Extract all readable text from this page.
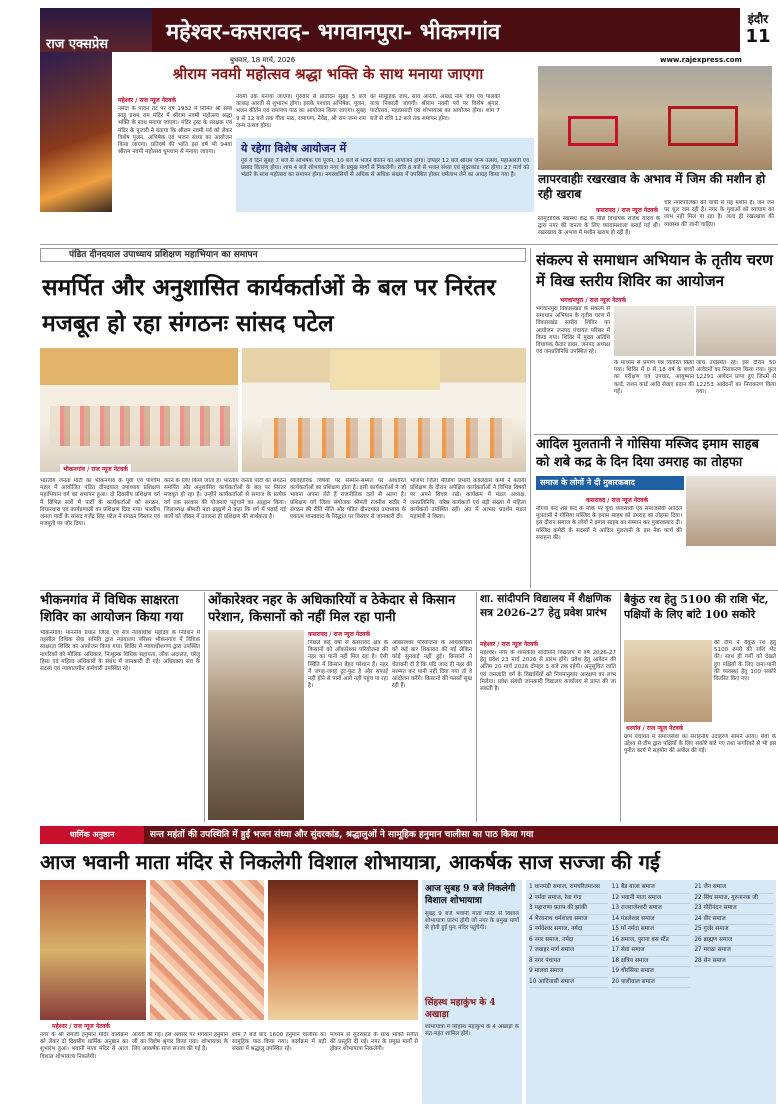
राज एक्सप्रेस	महेश्वर-कसरावद- भगवानपुरा- भीकनगांव	इंदौर
11
बुधवार, 18 मार्च, 2026	www.rajexpress.com
श्रीराम नवमी महोत्सव श्रद्धा भक्ति के साथ मनाया जाएगा
महेश्वर / राज न्यूज नेटवर्क
नर्मदा के पावन तट पर वर्ष 1932 में निर्मित श्री सम्बं साहू प्रथम राम मंदिर में श्रीराम नवमी महोत्सव श्रद्धा भक्ति के साथ मनाया जाएगा। मंदिर ट्रस्ट के संरक्षक एवं मंदिर के पुजारी ने बताया कि श्रीराम नवमी पर्व को लेकर विशेष पूजन, अभिषेक एवं भजन संध्या का आयोजन किया जाएगा। प्रतिवर्ष की भांति इस वर्ष भी 94वां श्रीराम नवमी महोत्सव धूमधाम से मनाया जाएगा।
नवमी तक मनाया जाएगा। गुरुवार से प्रतिदिन सुबह 5 बजे काकड़ आरती से शुभारंभ होगा। इसके पश्चात अभिषेक, पूजन, भजन कीर्तन एवं रामायण पाठ का आयोजन किया जाएगा। सुबह 9 से 12 बजे तक गीता पाठ, रामायण, नैवेद्य, श्री राम जन्म राम जन्म उत्सव होगा।
का सामूहिक जाप, सायं आरती, अखंड नाम जाप एवं पालकी यात्रा निकाली जाएगी। श्रीराम नवमी पर्व पर विशेष श्रृंगार, पाटोत्सव, महाप्रसादी एवं शोभायात्रा का आयोजन होगा। शाम 7 बजे से रात्रि 12 बजे तक समापन होगा।
ये रहेगा विशेष आयोजन में
गुरु ये दिन सुबह 7 बजे से अभिषेक एवं पूजन, 10 बजे से भजन कीर्तन का आयोजन होगा। दोपहर 12 बजे श्रीराम जन्म उत्सव, महाआरती एवं प्रसाद वितरण होगा। शाम 4 बजे शोभायात्रा नगर के प्रमुख मार्गों से निकलेगी। रात्रि 8 बजे से भजन संध्या एवं सुंदरकांड पाठ होगा। 27 मार्च को भंडारे के साथ महोत्सव का समापन होगा। नगरवासियों से अधिक से अधिक संख्या में उपस्थित होकर धर्मलाभ लेने का आग्रह किया गया है।	लापरवाहीः रखरखाव के अभाव में जिम की मशीन हो रही खराब
कसरावद / राज न्यूज नेटवर्क
सामुदायिक स्वास्थ्य केंद्र के पीछे विधायक राजेश यादव के द्वारा नगर की जनता के लिए व्यायामशाला बनाई गई थी। रखरखाव के अभाव में मशीन खराब हो रही हैं।
चोर नगरपालिका की चाबी से यह मशीन है। जन जन पर धूल जम रही है। नगर के युवाओं को व्यायाम का लाभ नहीं मिल पा रहा है। जल्द ही रखरखाव की व्यवस्था की जानी चाहिए।
पंडित दीनदयाल उपाध्याय प्रशिक्षण महाभियान का समापन
समर्पित और अनुशासित कार्यकर्ताओं के बल पर निरंतर मजबूत हो रहा संगठनः सांसद पटेल
भीकनगांव / राज न्यूज नेटवर्क
भारतीय जनता पार्टी का भीकनगांव के पूर्वी एवं पश्चिम मंडल में आयोजित पंडित दीनदयाल उपाध्याय प्रशिक्षण महाभियान वर्ग का समापन हुआ। दो दिवसीय प्रशिक्षण वर्ग में विभिन्न सत्रों में पार्टी के कार्यकर्ताओं को संगठन, विचारधारा एवं कार्यप्रणाली का प्रशिक्षण दिया गया। भारतीय जनता पार्टी के सांसद गजेंद्र सिंह पटेल ने संगठन विस्तार एवं मजबूती पर जोर दिया।
करने के लिए किया जाता है। भारतीय जनता पार्टी का संगठन समर्पित और अनुशासित कार्यकर्ताओं के बल पर निरंतर मजबूत हो रहा है। उन्होंने कार्यकर्ताओं से समाज के प्रत्येक वर्ग तक सरकार की योजनाएं पहुंचाने का आह्वान किया। जिलाध्यक्ष श्रीमती नंदा ब्राह्मणे ने कहा कि वर्ग में पढ़ाई गई बातों को जीवन में उतारना ही प्रशिक्षण की सार्थकता है।
व्यावहारिक विषयों पर सम्मान-सम्मत पर आधारित कार्यकर्ताओं का प्रशिक्षण होता है। इसी कार्यकर्ताओं ने जो भावना अपना लेते हैं राजनीतिक दलों से अलग है। प्रशिक्षण वर्ग जिला संयोजक श्रीमती रजनीश राठौर ने संगठन की रीति नीति और पंडित दीनदयाल उपाध्याय के एकात्म मानववाद के सिद्धांत पर विस्तार से जानकारी दी।
भाजपा जिला मीडिया प्रभारी कालिदास कर्मा ने बताया प्रशिक्षण के दौरान अपेक्षित कार्यकर्ताओं ने विभिन्न विषयों पर अपने विचार रखे। कार्यक्रम में मंडल अध्यक्ष, जनप्रतिनिधि, वरिष्ठ कार्यकर्ता एवं बड़ी संख्या में महिला कार्यकर्ता उपस्थित रहीं। अंत में आभार प्रदर्शन मंडल महामंत्री ने किया।
संकल्प से समाधान अभियान के तृतीय चरण में विख स्तरीय शिविर का आयोजन
भगवानपुरा / राज न्यूज नेटवर्क
भगवानपुरा विकासखंड के संकल्प से समाधान अभियान के तृतीय चरण में विकासखंड स्तरीय शिविर का आयोजन जनपद पंचायत परिसर में किया गया। शिविर में मुख्य अतिथि विधायक केदार डावर, जनपद अध्यक्ष एवं जनप्रतिनिधि उपस्थित रहे।
के माध्यम से प्रमाण पत्र वितरित किया गया। शिविर में 0 से 18 वर्ष के बच्चों का परीक्षण एवं उपचार, आयुष्मान कार्ड, राशन कार्ड आदि सेवाएं प्रदान की गईं।
जांच उपस्थित रहे। इस दौरान 50 आवेदनों का निराकरण किया गया। कुल 12291 आवेदन प्राप्त हुए जिनमें से 12253 आवेदनों का निराकरण किया गया।
आदिल मुलतानी ने गोसिया मस्जिद इमाम साहब को शबे कद्र के दिन दिया उमराह का तोहफा
समाज के लोगों ने दी मुबारकबाद
कसरावद / राज न्यूज नेटवर्क
नौगवा कद शबे कद के मौके पर युवा व्यवसायी एवं समाजसेवी आदिल मुलतानी ने गोसिया मस्जिद के इमाम साहब को उमराह का तोहफा दिया। इस दौरान समाज के लोगों ने इमाम साहब का सम्मान कर मुबारकबाद दी। मस्जिद कमेटी के सदस्यों ने आदिल मुलतानी के इस नेक कार्य की सराहना की।
भीकनगांव में विधिक साक्षरता शिविर का आयोजन किया गया
भीकनगांव। माननीय प्रधान जिला एवं सत्र न्यायाधीश महोदय के निर्देशन में तहसील विधिक सेवा समिति द्वारा न्यायालय परिसर भीकनगांव में विधिक साक्षरता शिविर का आयोजन किया गया। शिविर में न्यायाधीशगण द्वारा उपस्थित नागरिकों को मौलिक अधिकार, निःशुल्क विधिक सहायता, लोक अदालत, घरेलू हिंसा एवं महिला अधिकारों के संबंध में जानकारी दी गई। अधिवक्ता संघ के सदस्य एवं न्यायालयीन कर्मचारी उपस्थित रहे।
ओंकारेश्वर नहर के अधिकारियों व ठेकेदार से किसान परेशान, किसानों को नहीं मिल रहा पानी
कसरावद / राज न्यूज नेटवर्क
पिछले कई वर्षों से कसरावद क्षेत्र के किसानों को ओंकारेश्वर परियोजना की नहर का पानी नहीं मिल रहा है। ऐसी स्थिति में किसान बेहद परेशान हैं। नहर में जगह-जगह टूट-फूट है और सफाई नहीं होने से पानी आगे नहीं पहुंच पा रहा है।
ओंकारेश्वर परियोजना के अधिकारियों को कई बार शिकायत की गई लेकिन कोई सुनवाई नहीं हुई। किसानों ने चेतावनी दी है कि यदि जल्द ही नहर की मरम्मत कर पानी नहीं दिया गया तो वे आंदोलन करेंगे। किसानों की फसलें सूख रही हैं।
शा. सांदीपनि विद्यालय में शैक्षणिक सत्र 2026-27 हेतु प्रवेश प्रारंभ
महेश्वर / राज न्यूज नेटवर्क
महेश्वर। नगर के शासकीय सांदीपनि विद्यालय में वर्ष 2026-27 हेतु प्रवेश 23 मार्च 2026 से प्रारंभ होंगे। प्रवेश हेतु आवेदन की अंतिम 20 मार्च 2026 दोपहर 3 बजे तक रहेगी। अनुसूचित जाति एवं जनजाति वर्ग के विद्यार्थियों को नियमानुसार आरक्षण का लाभ मिलेगा। प्रवेश संबंधी जानकारी विद्यालय कार्यालय से प्राप्त की जा सकती है।
बैकुंठ रथ हेतु 5100 की राशि भेंट, पक्षियों के लिए बांटे 100 सकोरे
धरगांव / राज न्यूज नेटवर्क
की टीम ने बैकुंठ रथ हेतु 5100 रुपये की राशि भेंट की। साथ ही गर्मी को देखते हुए पक्षियों के लिए दाना-पानी की व्यवस्था हेतु 100 सकोरे वितरित किए गए।
ग्राम पंचायत में समाजसेवा का सराहनीय उदाहरण सामने आया। सेवा के उद्देश्य से टीम द्वारा पक्षियों के लिए सकोरे बांटे गए तथा नागरिकों से भी इस पुनीत कार्य में सहयोग की अपील की गई।
धार्मिक अनुष्ठान	सन्त महंतों की उपस्थिति में हुई भजन संध्या और सुंदरकांड, श्रद्धालुओं ने सामूहिक हनुमान चालीसा का पाठ किया गया
आज भवानी माता मंदिर से निकलेगी विशाल शोभायात्रा, आकर्षक साज सज्जा की गई
महेश्वर / राज न्यूज नेटवर्क
नगर के श्री रामजी हनुमान मंदिर कार्यक्रम को लेकर दो दिवसीय धार्मिक अनुष्ठान का शुभारंभ हुआ। भवानी माता मंदिर से आज विशाल शोभायात्रा निकलेगी।
आरती की गई। इस अवसर पर भगवान हनुमान जी का विशेष श्रृंगार किया गया। शोभायात्रा के लिए आकर्षक साज सज्जा की गई है।
शाम 7 बजे बाद 1600 हनुमान चालीसा का सामूहिक पाठ किया गया। कार्यक्रम में बड़ी संख्या में श्रद्धालु उपस्थित रहे।
माध्यम से सुंदरकांड के साथ भक्ति संगीत की प्रस्तुति दी गई। नगर के प्रमुख मार्गों से होकर शोभायात्रा निकलेगी।
आज सुबह 9 बजे निकलेगी विशाल शोभायात्रा
सुबह 9 बजे भवानी माता मंदिर से विशाल शोभायात्रा प्रारंभ होगी जो नगर के प्रमुख मार्गों से होती हुई पुनः मंदिर पहुंचेगी।
सिंहस्थ महाकुंभ के 4 अखाड़ा
शोभायात्रा में सिंहस्थ महाकुंभ के 4 अखाड़ों के संत-महंत शामिल होंगे।
1 धानमंडी समाज, रामचरितमानस
2 नर्मदा समाज, रेवा गंगा
3 महाराणा प्रताप की झांकी
4 भैरवनाथ धर्मशाला समाज
5 नर्मदेश्वर समाज, नर्मदा
6 नगर समाज, नर्मदा
7 जवाहर मार्ग समाज
8 नगर पंचायत
9 मालवा समाज
10 आदिवासी समाज
11 बैंड बाजा समाज
12 भवानी माता समाज
13 राजराजेश्वरी समाज
14 मंडलेश्वर समाज
15 माँ नर्मदा समाज
16 समाज, पुराना बस स्टैंड
17 सेवा समाज
18 क्षत्रिय समाज
19 चौरसिया समाज
20 पालीवाल समाज
21 जैन समाज
22 सिंध समाज, गुरुनानक जी
23 गौरीनंदन समाज
24 वीर समाज
25 गुर्जर समाज
26 ब्राह्मण समाज
27 मराठा समाज
28 सेन समाज
